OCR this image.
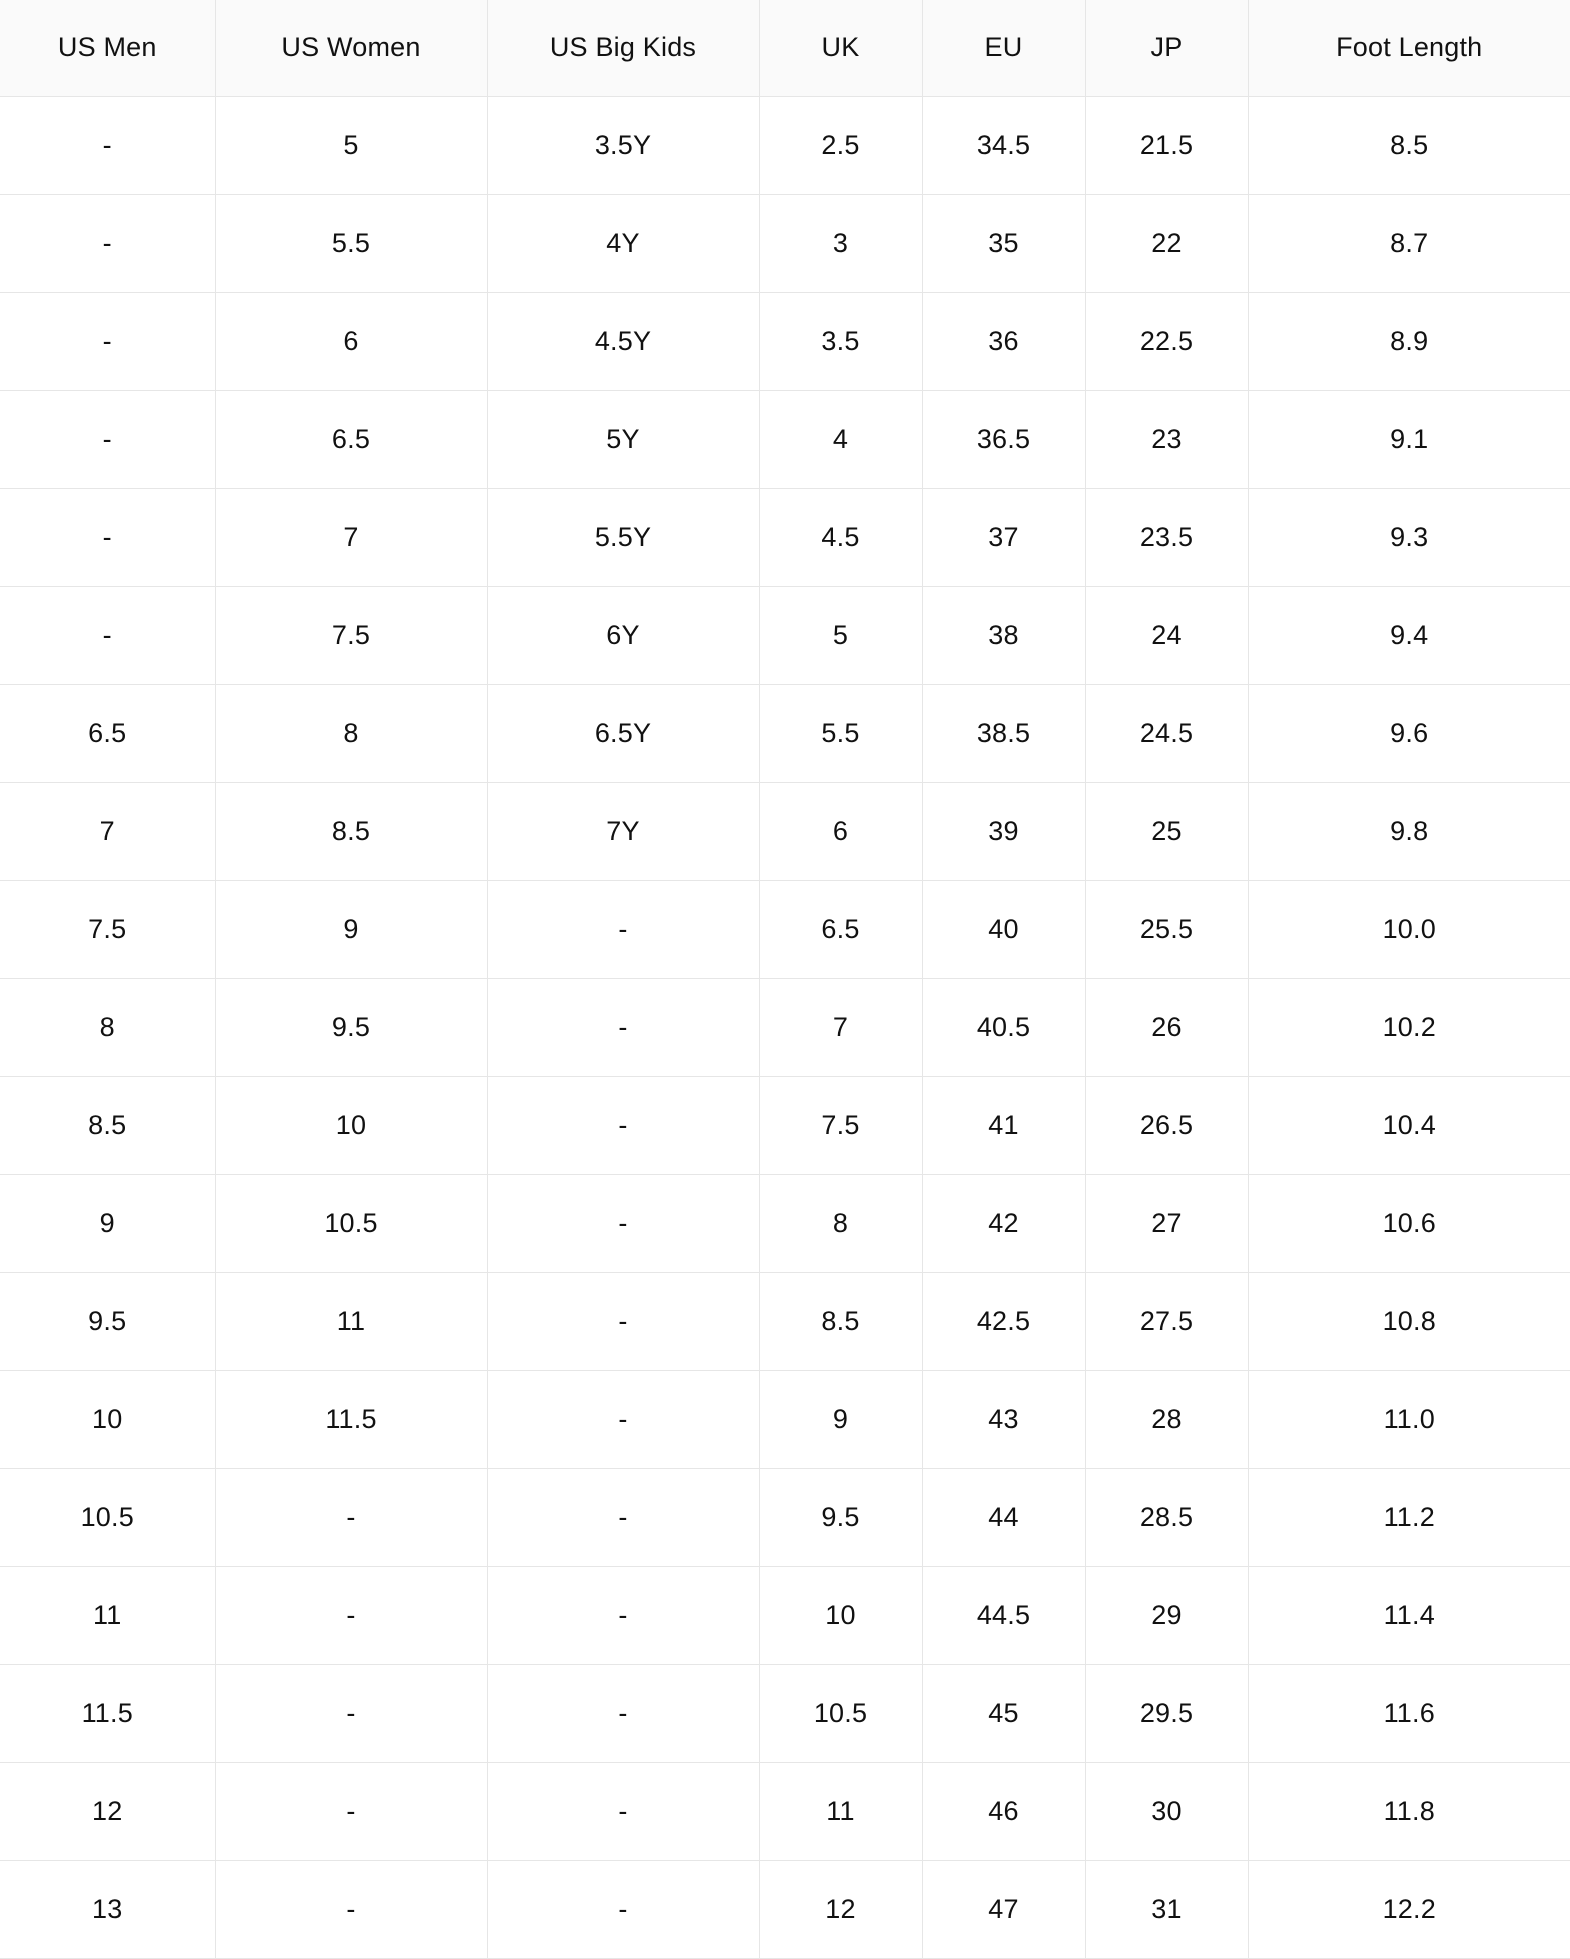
US Men	US Women	US Big Kids	UK	EU	JP	Foot Length
-	5	3.5Y	2.5	34.5	21.5	8.5
-	5.5	4Y	3	35	22	8.7
-	6	4.5Y	3.5	36	22.5	8.9
-	6.5	5Y	4	36.5	23	9.1
-	7	5.5Y	4.5	37	23.5	9.3
-	7.5	6Y	5	38	24	9.4
6.5	8	6.5Y	5.5	38.5	24.5	9.6
7	8.5	7Y	6	39	25	9.8
7.5	9	-	6.5	40	25.5	10.0
8	9.5	-	7	40.5	26	10.2
8.5	10	-	7.5	41	26.5	10.4
9	10.5	-	8	42	27	10.6
9.5	11	-	8.5	42.5	27.5	10.8
10	11.5	-	9	43	28	11.0
10.5	-	-	9.5	44	28.5	11.2
11	-	-	10	44.5	29	11.4
11.5	-	-	10.5	45	29.5	11.6
12	-	-	11	46	30	11.8
13	-	-	12	47	31	12.2
